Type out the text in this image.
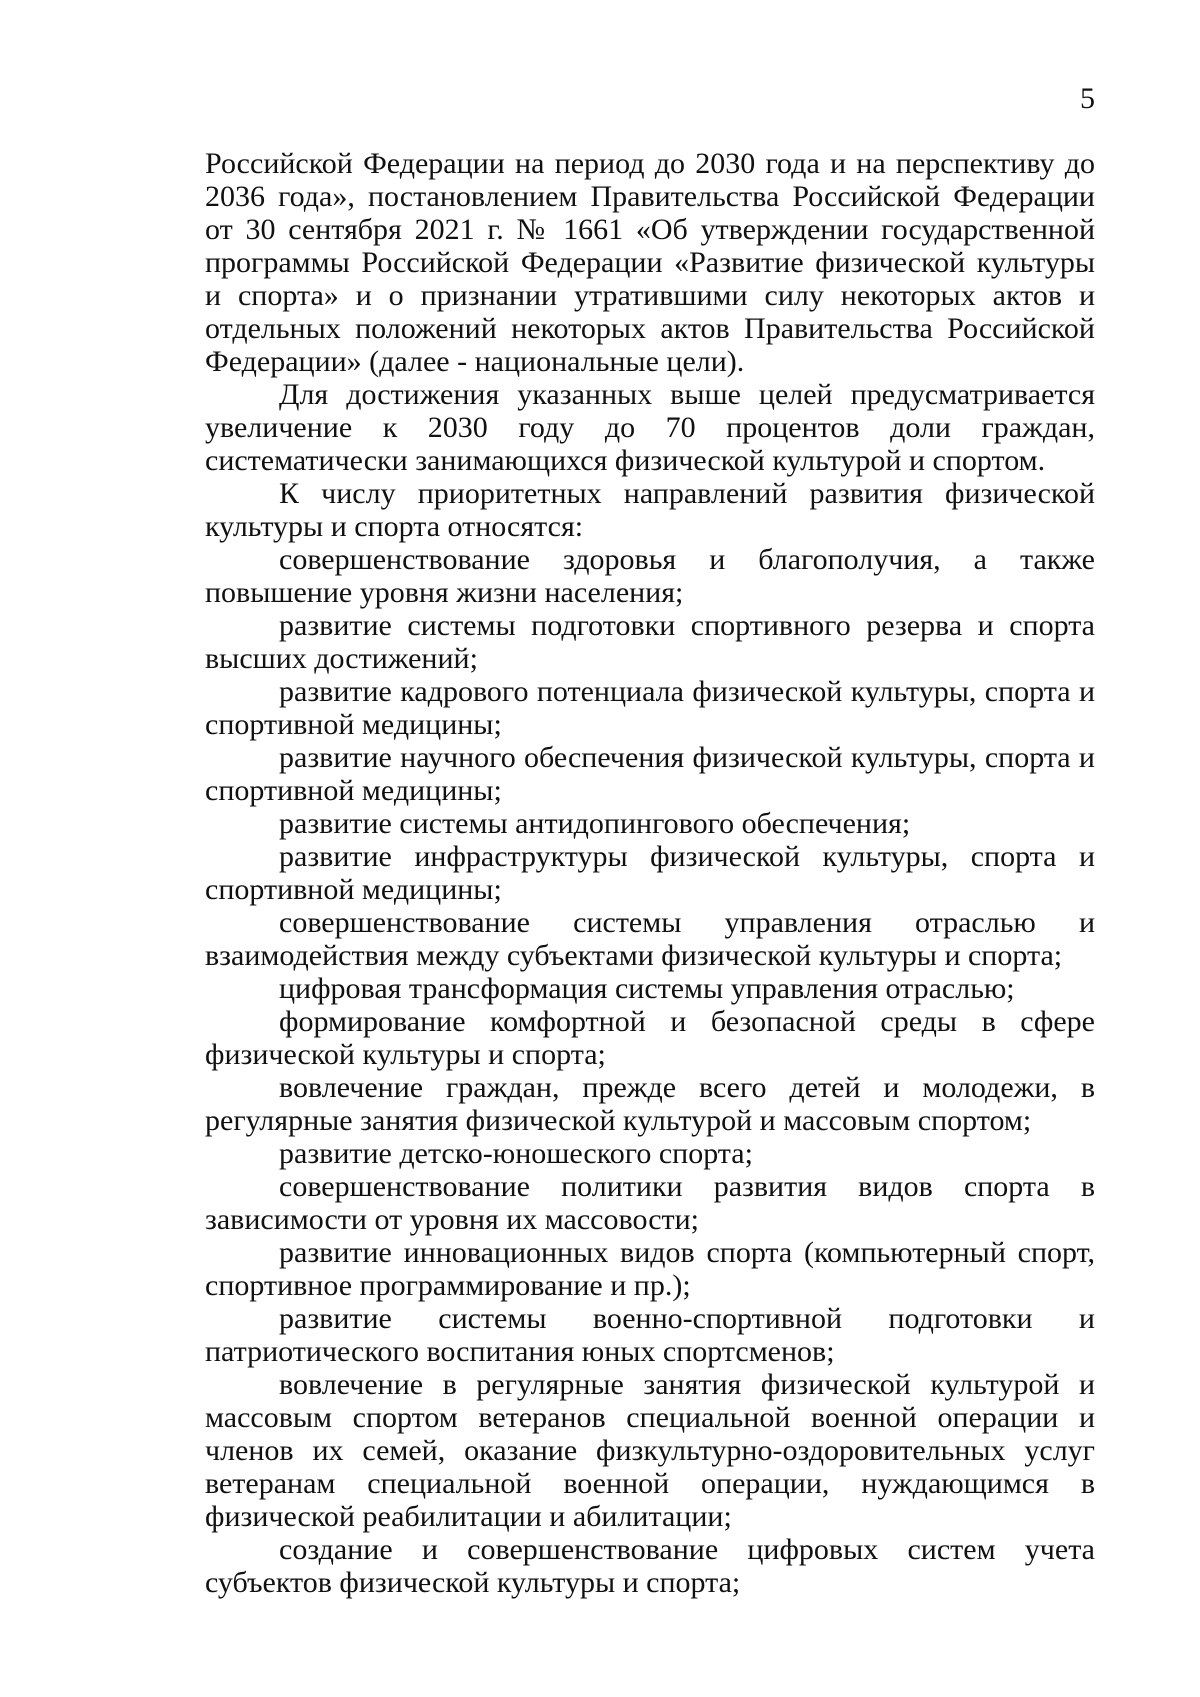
5

Российской Федерации на период до 2030 года и на перспективу до 2036 года», постановлением Правительства Российской Федерации от 30 сентября 2021 г. № 1661 «Об утверждении государственной программы Российской Федерации «Развитие физической культуры и спорта» и о признании утратившими силу некоторых актов и отдельных положений некоторых актов Правительства Российской Федерации» (далее - национальные цели).

Для достижения указанных выше целей предусматривается увеличение к 2030 году до 70 процентов доли граждан, систематически занимающихся физической культурой и спортом.

К числу приоритетных направлений развития физической культуры и спорта относятся:

совершенствование здоровья и благополучия, а также повышение уровня жизни населения;

развитие системы подготовки спортивного резерва и спорта высших достижений;

развитие кадрового потенциала физической культуры, спорта и спортивной медицины;

развитие научного обеспечения физической культуры, спорта и спортивной медицины;

развитие системы антидопингового обеспечения;

развитие инфраструктуры физической культуры, спорта и спортивной медицины;

совершенствование системы управления отраслью и взаимодействия между субъектами физической культуры и спорта;

цифровая трансформация системы управления отраслью;

формирование комфортной и безопасной среды в сфере физической культуры и спорта;

вовлечение граждан, прежде всего детей и молодежи, в регулярные занятия физической культурой и массовым спортом;

развитие детско-юношеского спорта;

совершенствование политики развития видов спорта в зависимости от уровня их массовости;

развитие инновационных видов спорта (компьютерный спорт, спортивное программирование и пр.);

развитие системы военно-спортивной подготовки и патриотического воспитания юных спортсменов;

вовлечение в регулярные занятия физической культурой и массовым спортом ветеранов специальной военной операции и членов их семей, оказание физкультурно-оздоровительных услуг ветеранам специальной военной операции, нуждающимся в физической реабилитации и абилитации;

создание и совершенствование цифровых систем учета субъектов физической культуры и спорта;
